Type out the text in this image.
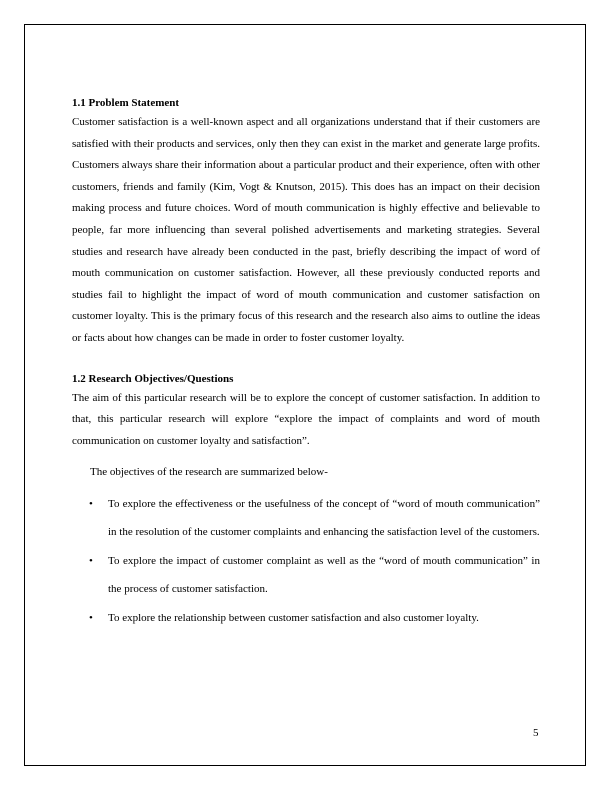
1.1 Problem Statement

Customer satisfaction is a well-known aspect and all organizations understand that if their customers are satisfied with their products and services, only then they can exist in the market and generate large profits. Customers always share their information about a particular product and their experience, often with other customers, friends and family (Kim, Vogt & Knutson, 2015). This does has an impact on their decision making process and future choices. Word of mouth communication is highly effective and believable to people, far more influencing than several polished advertisements and marketing strategies. Several studies and research have already been conducted in the past, briefly describing the impact of word of mouth communication on customer satisfaction. However, all these previously conducted reports and studies fail to highlight the impact of word of mouth communication and customer satisfaction on customer loyalty. This is the primary focus of this research and the research also aims to outline the ideas or facts about how changes can be made in order to foster customer loyalty.

1.2 Research Objectives/Questions

The aim of this particular research will be to explore the concept of customer satisfaction. In addition to that, this particular research will explore “explore the impact of complaints and word of mouth communication on customer loyalty and satisfaction”.

The objectives of the research are summarized below-

• To explore the effectiveness or the usefulness of the concept of “word of mouth communication” in the resolution of the customer complaints and enhancing the satisfaction level of the customers.
• To explore the impact of customer complaint as well as the “word of mouth communication” in the process of customer satisfaction.
• To explore the relationship between customer satisfaction and also customer loyalty.
5
